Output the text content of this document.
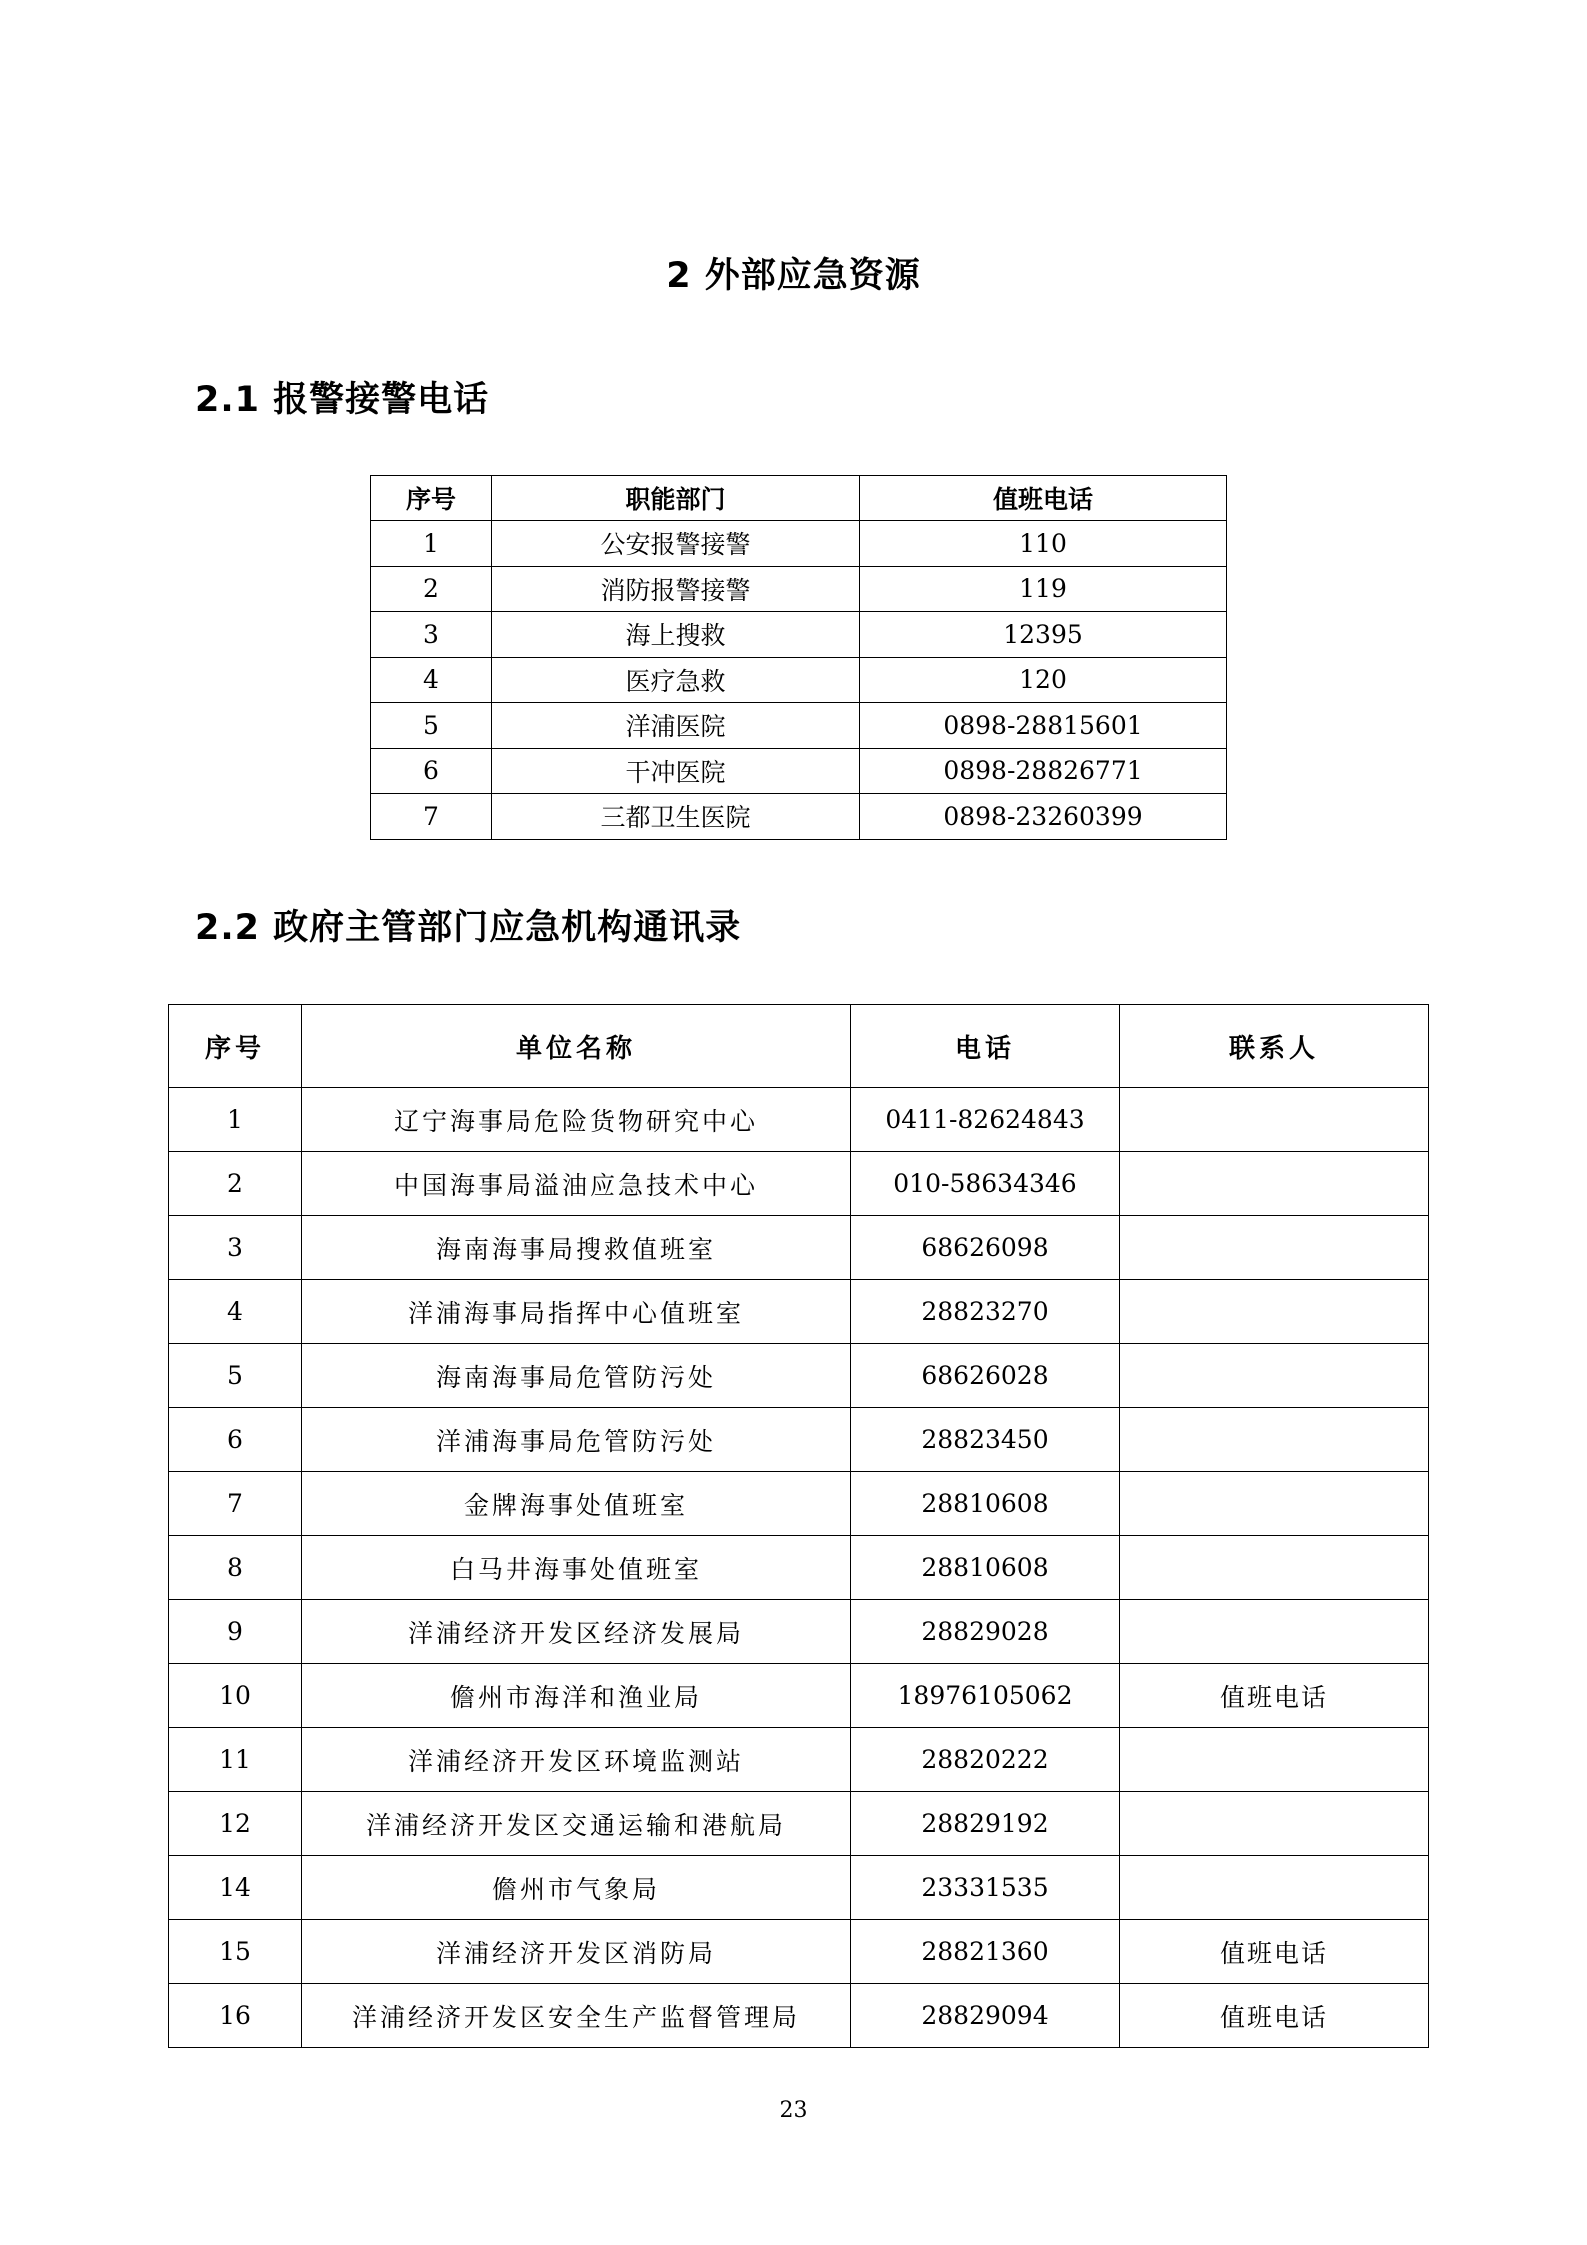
2 外部应急资源
2.1 报警接警电话
序号	职能部门	值班电话
1	公安报警接警	110
2	消防报警接警	119
3	海上搜救	12395
4	医疗急救	120
5	洋浦医院	0898-28815601
6	干冲医院	0898-28826771
7	三都卫生医院	0898-23260399
2.2 政府主管部门应急机构通讯录
序号	单位名称	电话	联系人
1	辽宁海事局危险货物研究中心	0411-82624843	
2	中国海事局溢油应急技术中心	010-58634346	
3	海南海事局搜救值班室	68626098	
4	洋浦海事局指挥中心值班室	28823270	
5	海南海事局危管防污处	68626028	
6	洋浦海事局危管防污处	28823450	
7	金牌海事处值班室	28810608	
8	白马井海事处值班室	28810608	
9	洋浦经济开发区经济发展局	28829028	
10	儋州市海洋和渔业局	18976105062	值班电话
11	洋浦经济开发区环境监测站	28820222	
12	洋浦经济开发区交通运输和港航局	28829192	
14	儋州市气象局	23331535	
15	洋浦经济开发区消防局	28821360	值班电话
16	洋浦经济开发区安全生产监督管理局	28829094	值班电话
23
